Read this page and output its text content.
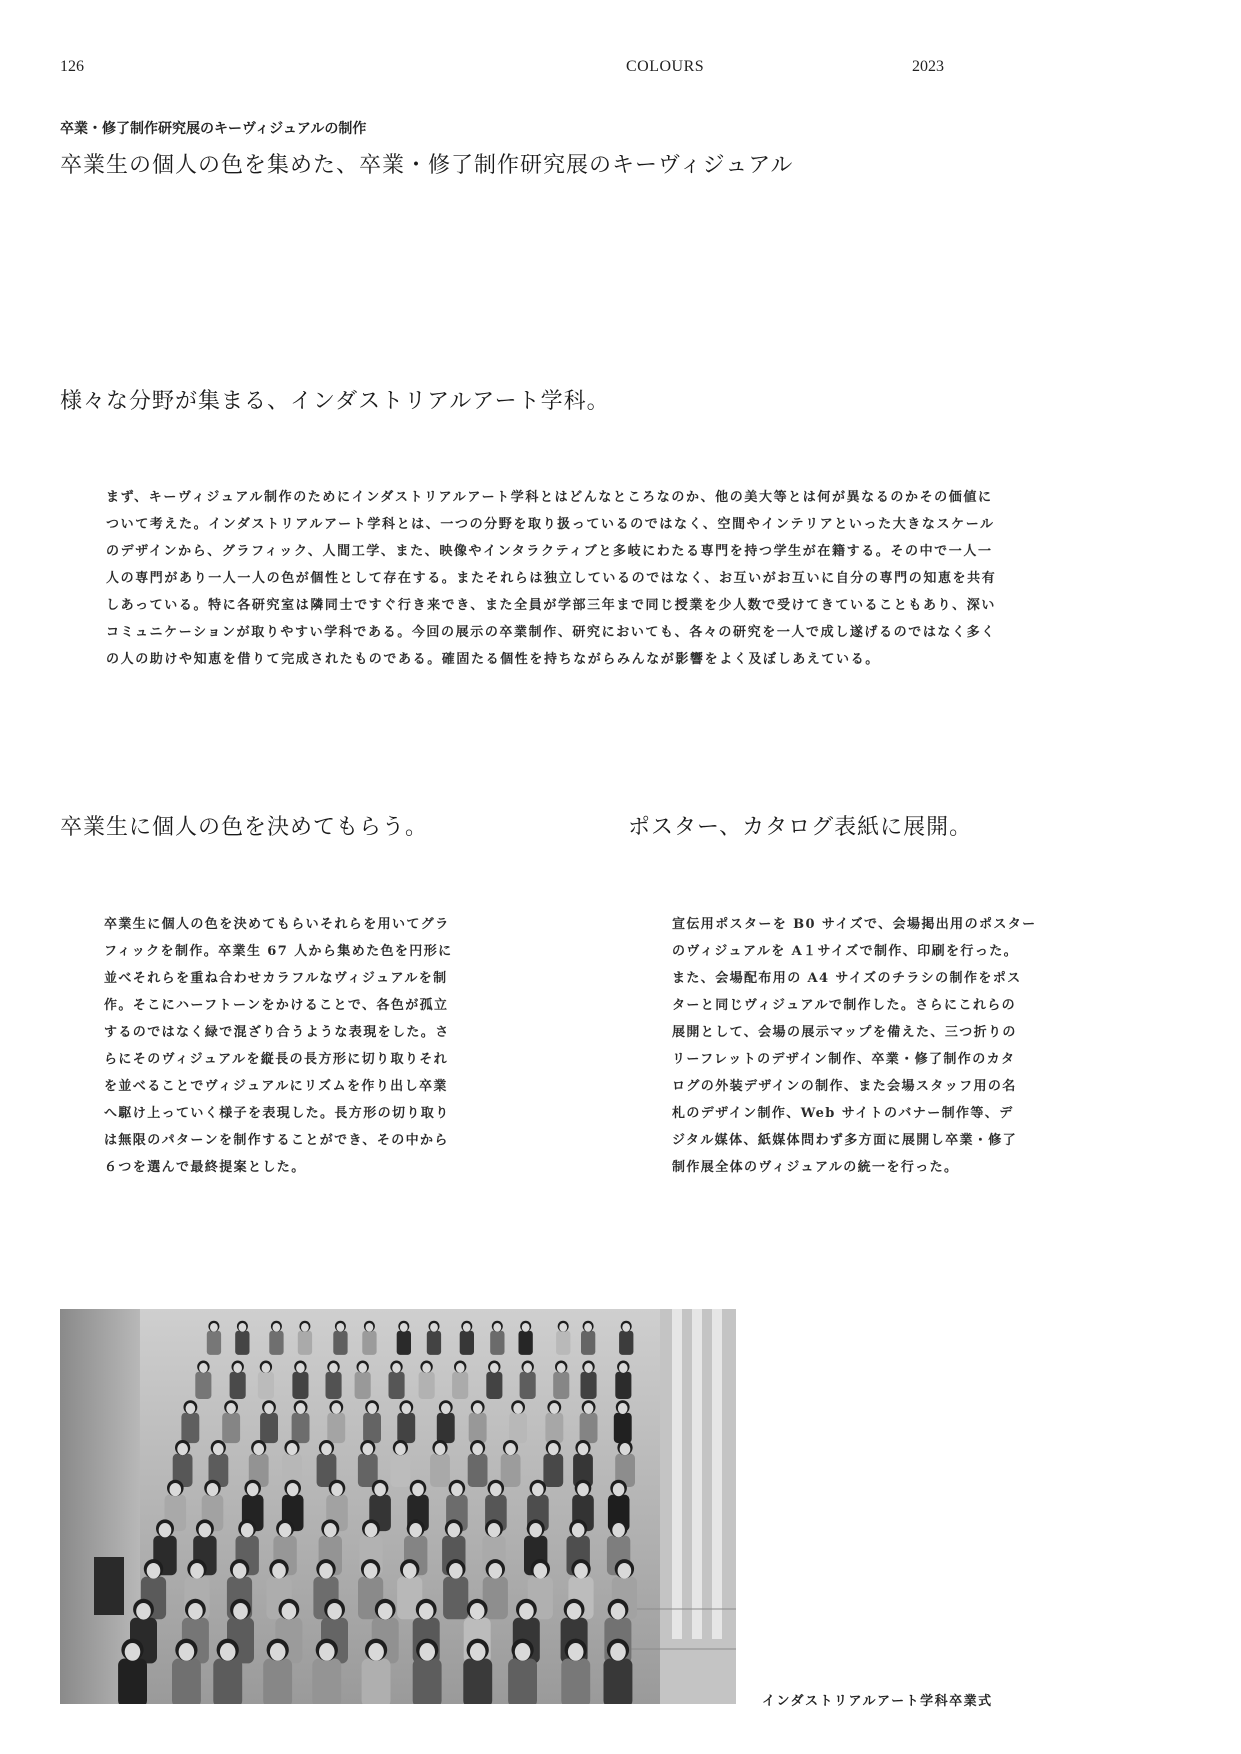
126	COLOURS	2023
卒業・修了制作研究展のキーヴィジュアルの制作
卒業生の個人の色を集めた、卒業・修了制作研究展のキーヴィジュアル
様々な分野が集まる、インダストリアルアート学科。

まず、キーヴィジュアル制作のためにインダストリアルアート学科とはどんなところなのか、他の美大等とは何が異なるのかその価値に

ついて考えた。インダストリアルアート学科とは、一つの分野を取り扱っているのではなく、空間やインテリアといった大きなスケール

のデザインから、グラフィック、人間工学、また、映像やインタラクティブと多岐にわたる専門を持つ学生が在籍する。その中で一人一

人の専門があり一人一人の色が個性として存在する。またそれらは独立しているのではなく、お互いがお互いに自分の専門の知恵を共有

しあっている。特に各研究室は隣同士ですぐ行き来でき、また全員が学部三年まで同じ授業を少人数で受けてきていることもあり、深い

コミュニケーションが取りやすい学科である。今回の展示の卒業制作、研究においても、各々の研究を一人で成し遂げるのではなく多く

の人の助けや知恵を借りて完成されたものである。確固たる個性を持ちながらみんなが影響をよく及ぼしあえている。

卒業生に個人の色を決めてもらう。

卒業生に個人の色を決めてもらいそれらを用いてグラ

フィックを制作。卒業生 67 人から集めた色を円形に

並べそれらを重ね合わせカラフルなヴィジュアルを制

作。そこにハーフトーンをかけることで、各色が孤立

するのではなく緑で混ざり合うような表現をした。さ

らにそのヴィジュアルを縦長の長方形に切り取りそれ

を並べることでヴィジュアルにリズムを作り出し卒業

へ駆け上っていく様子を表現した。長方形の切り取り

は無限のパターンを制作することができ、その中から

６つを選んで最終提案とした。

ポスター、カタログ表紙に展開。

宣伝用ポスターを B0 サイズで、会場掲出用のポスター

のヴィジュアルを A１サイズで制作、印刷を行った。

また、会場配布用の A4 サイズのチラシの制作をポス

ターと同じヴィジュアルで制作した。さらにこれらの

展開として、会場の展示マップを備えた、三つ折りの

リーフレットのデザイン制作、卒業・修了制作のカタ

ログの外装デザインの制作、また会場スタッフ用の名

札のデザイン制作、Web サイトのバナー制作等、デ

ジタル媒体、紙媒体問わず多方面に展開し卒業・修了

制作展全体のヴィジュアルの統一を行った。

インダストリアルアート学科卒業式
